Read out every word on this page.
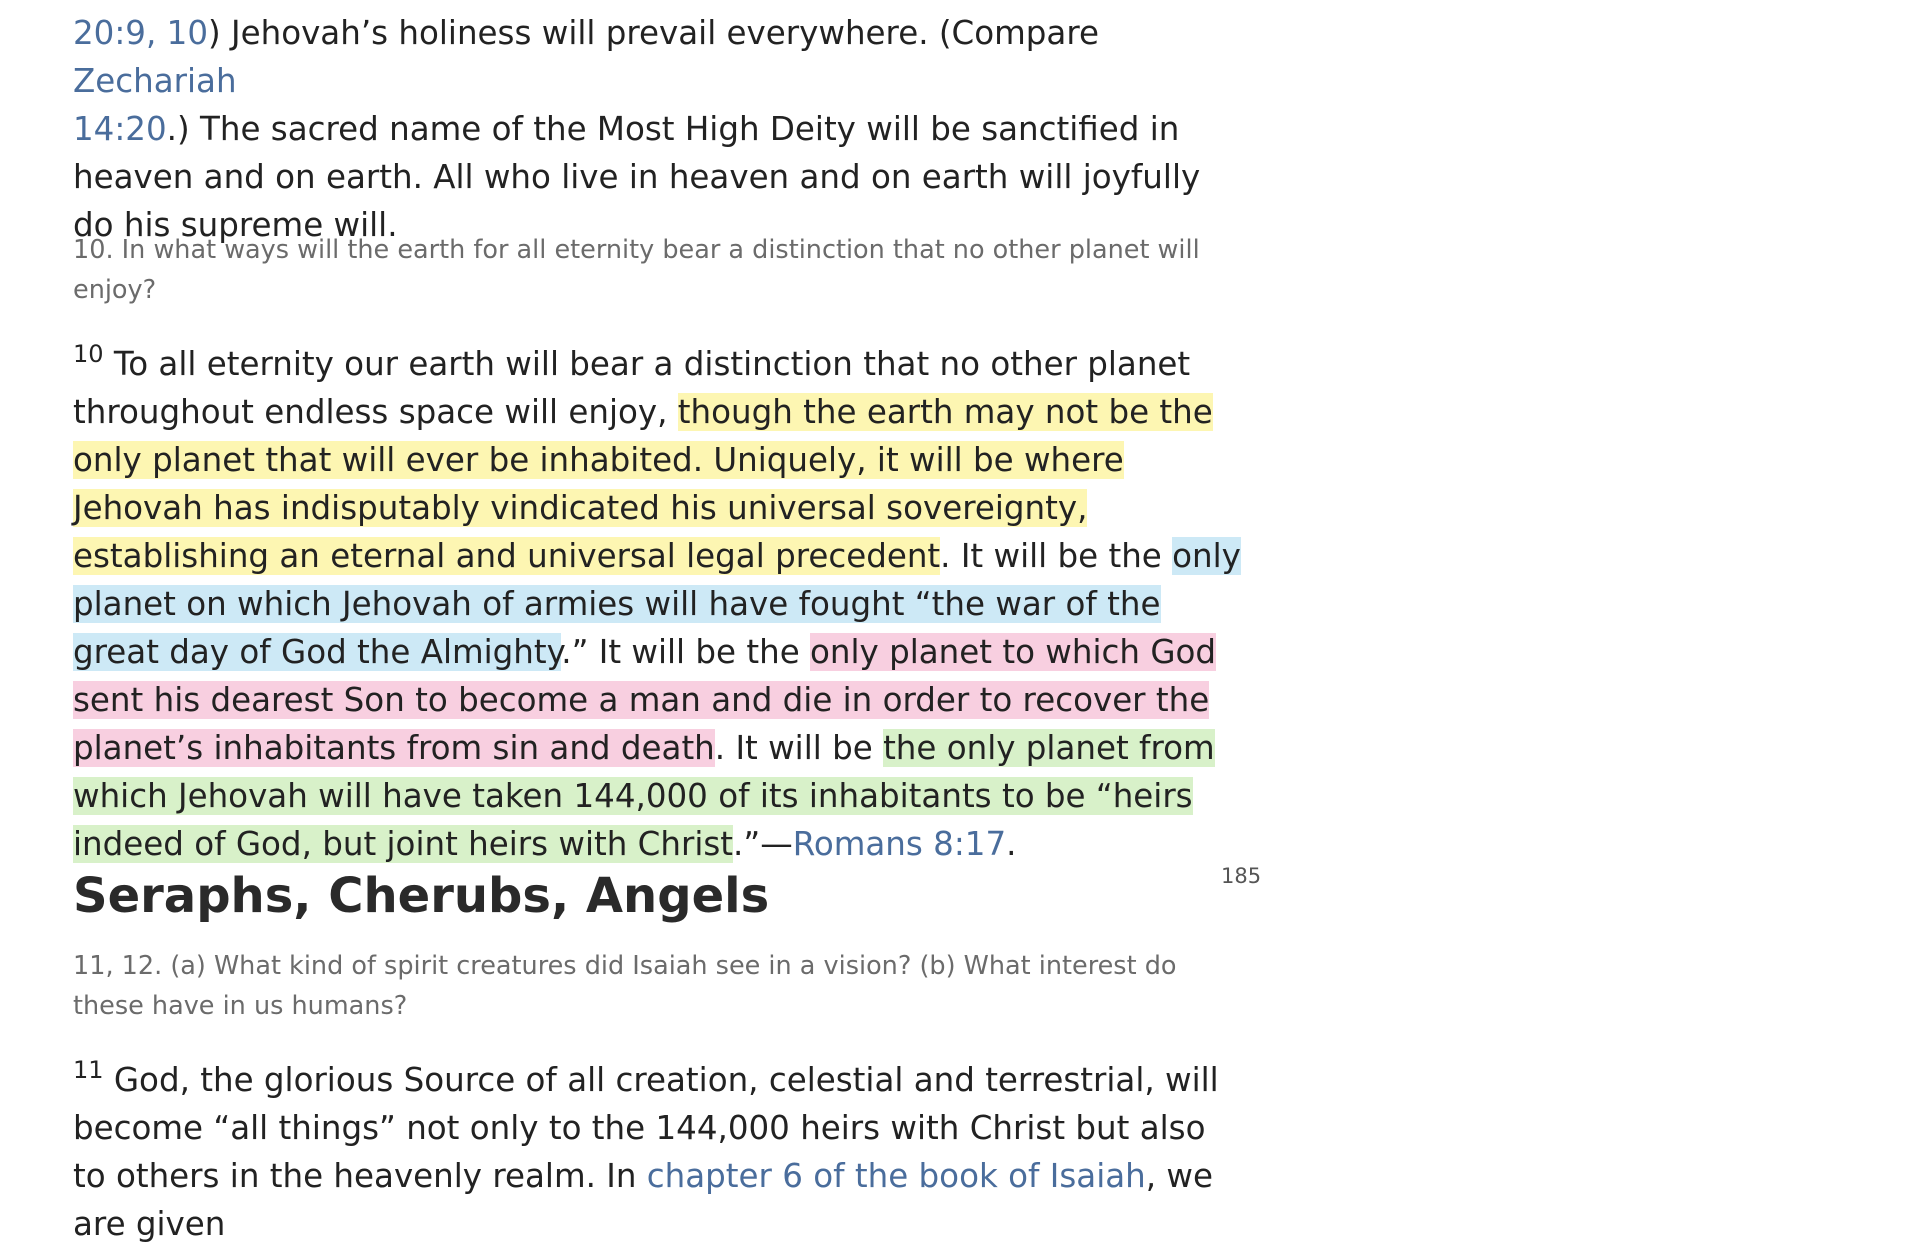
20:9, 10) Jehovah’s holiness will prevail everywhere. (Compare Zechariah
14:20.) The sacred name of the Most High Deity will be sanctified in heaven and on earth. All who live in heaven and on earth will joyfully do his supreme will.

10. In what ways will the earth for all eternity bear a distinction that no other planet will enjoy?

$^{10}$ To all eternity our earth will bear a distinction that no other planet throughout endless space will enjoy, though the earth may not be the only planet that will ever be inhabited. Uniquely, it will be where Jehovah has indisputably vindicated his universal sovereignty, establishing an eternal and universal legal precedent. It will be the only planet on which Jehovah of armies will have fought “the war of the great day of God the Almighty.” It will be the only planet to which God sent his dearest Son to become a man and die in order to recover the planet’s inhabitants from sin and death. It will be the only planet from which Jehovah will have taken 144,000 of its inhabitants to be “heirs indeed of God, but joint heirs with Christ.”—Romans 8:17.

Seraphs, Cherubs, Angels	185

11, 12. (a) What kind of spirit creatures did Isaiah see in a vision? (b) What interest do these have in us humans?

$^{11}$ God, the glorious Source of all creation, celestial and terrestrial, will become “all things” not only to the 144,000 heirs with Christ but also to others in the heavenly realm. In chapter 6 of the book of Isaiah, we are given
